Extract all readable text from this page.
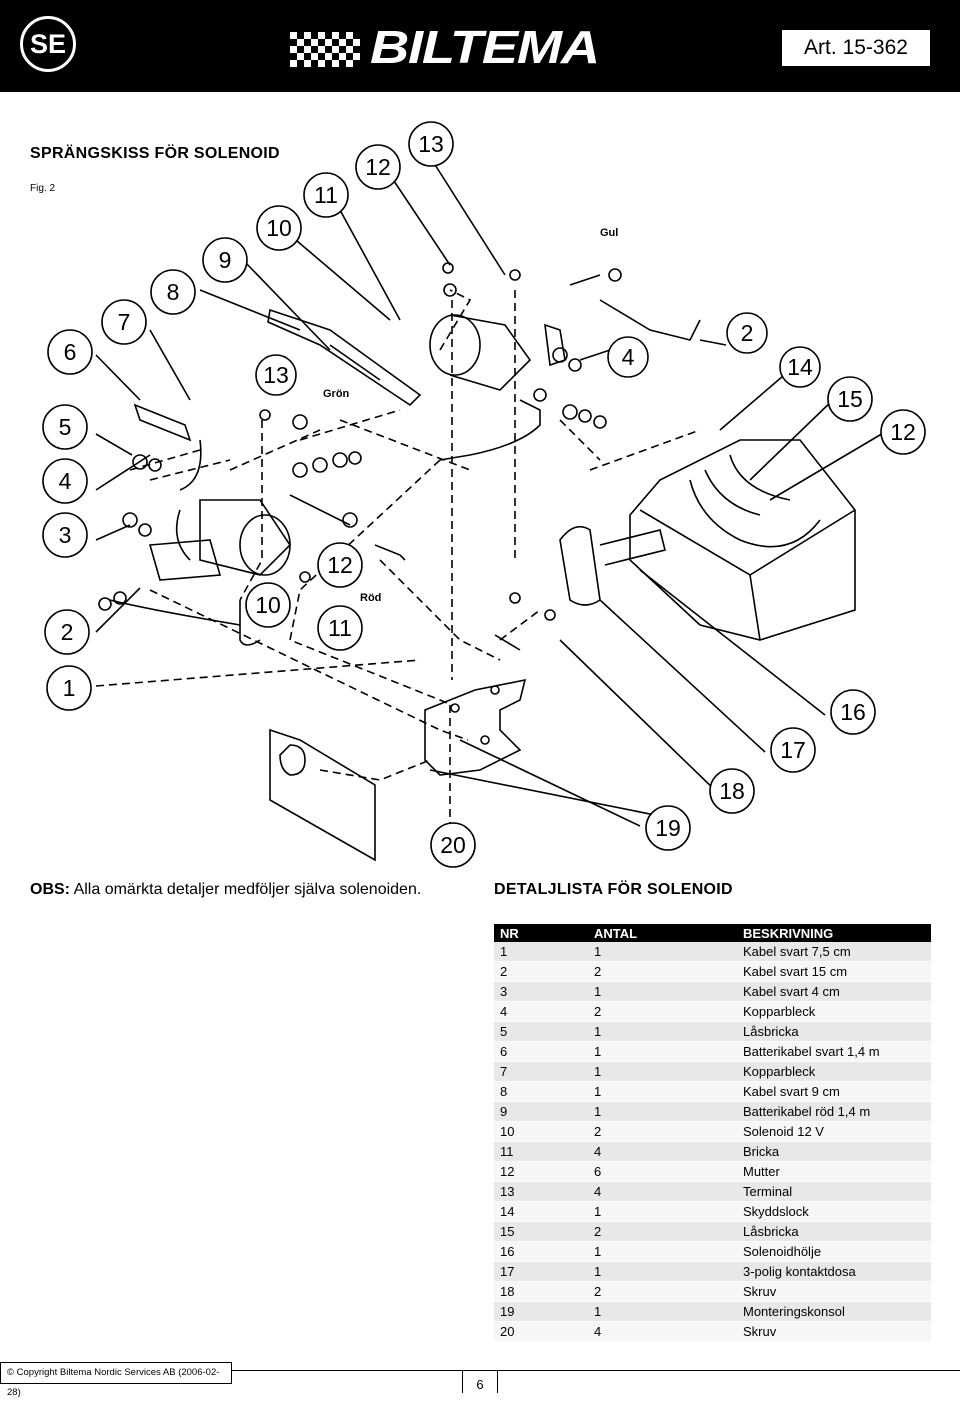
SE	BILTEMA	Art. 15-362
SPRÄNGSKISS FÖR SOLENOID
Fig. 2
13
12
11
10
9
8
7
6
5
4
3
2
1
13
12
10
11
4
2
14
15
12
16
17
18
19
20
Gul
Grön
Röd
OBS: Alla omärkta detaljer medföljer själva solenoiden.	DETALJLISTA FÖR SOLENOID
NR	ANTAL	BESKRIVNING
1	1	Kabel svart 7,5 cm
2	2	Kabel svart 15 cm
3	1	Kabel svart 4 cm
4	2	Kopparbleck
5	1	Låsbricka
6	1	Batterikabel svart 1,4 m
7	1	Kopparbleck
8	1	Kabel svart 9 cm
9	1	Batterikabel röd 1,4 m
10	2	Solenoid 12 V
11	4	Bricka
12	6	Mutter
13	4	Terminal
14	1	Skyddslock
15	2	Låsbricka
16	1	Solenoidhölje
17	1	3-polig kontaktdosa
18	2	Skruv
19	1	Monteringskonsol
20	4	Skruv
© Copyright Biltema Nordic Services AB (2006-02-28)
6
